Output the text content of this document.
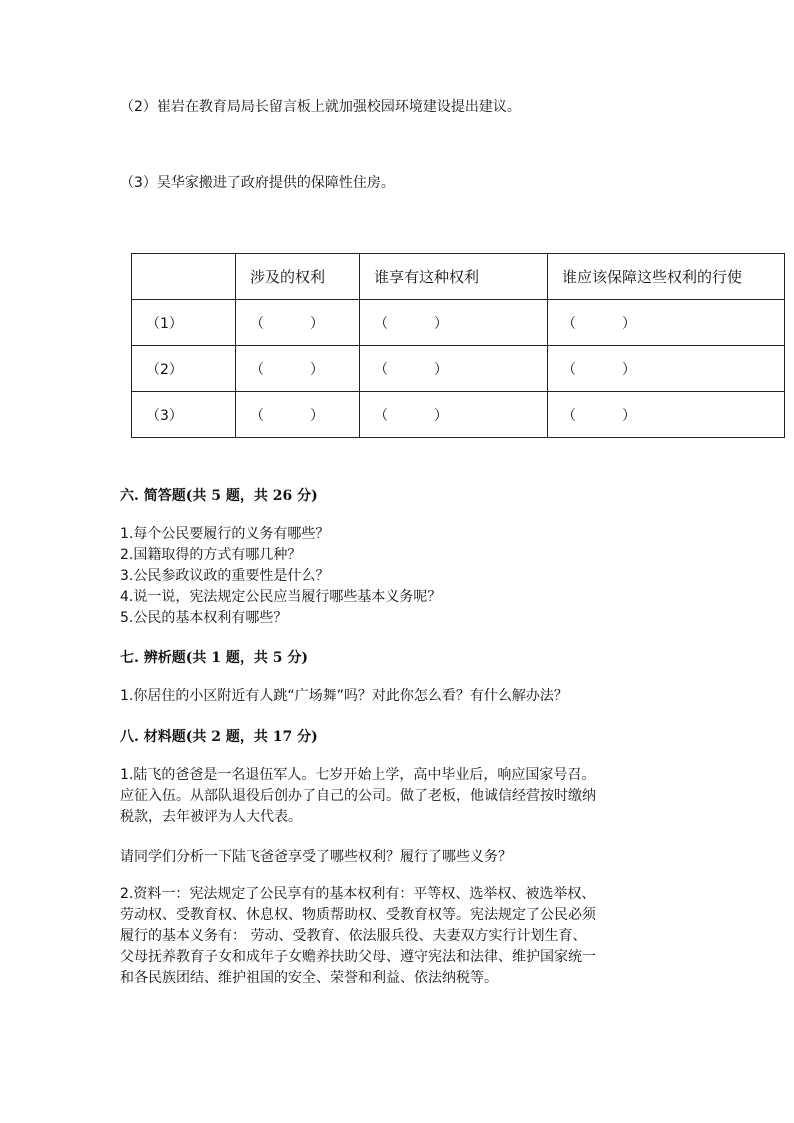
（2）崔岩在教育局局长留言板上就加强校园环境建设提出建议。
（3）吴华家搬进了政府提供的保障性住房。
	涉及的权利	谁享有这种权利	谁应该保障这些权利的行使
（1）	（ ）	（ ）	（ ）
（2）	（ ）	（ ）	（ ）
（3）	（ ）	（ ）	（ ）
六. 简答题(共 5 题，共 26 分)
1.每个公民要履行的义务有哪些？
2.国籍取得的方式有哪几种？
3.公民参政议政的重要性是什么？
4.说一说，宪法规定公民应当履行哪些基本义务呢？
5.公民的基本权利有哪些？
七. 辨析题(共 1 题，共 5 分)
1.你居住的小区附近有人跳“广场舞”吗？对此你怎么看？有什么解办法？
八. 材料题(共 2 题，共 17 分)
1.陆飞的爸爸是一名退伍军人。七岁开始上学，高中毕业后，响应国家号召。
应征入伍。从部队退役后创办了自己的公司。做了老板，他诚信经营按时缴纳
税款，去年被评为人大代表。
请同学们分析一下陆飞爸爸享受了哪些权利？履行了哪些义务？
2.资料一：宪法规定了公民享有的基本权利有：平等权、选举权、被选举权、
劳动权、受教育权、休息权、物质帮助权、受教育权等。宪法规定了公民必须
履行的基本义务有： 劳动、受教育、依法服兵役、夫妻双方实行计划生育、
父母抚养教育子女和成年子女赡养扶助父母、遵守宪法和法律、维护国家统一
和各民族团结、维护祖国的安全、荣誉和利益、依法纳税等。
